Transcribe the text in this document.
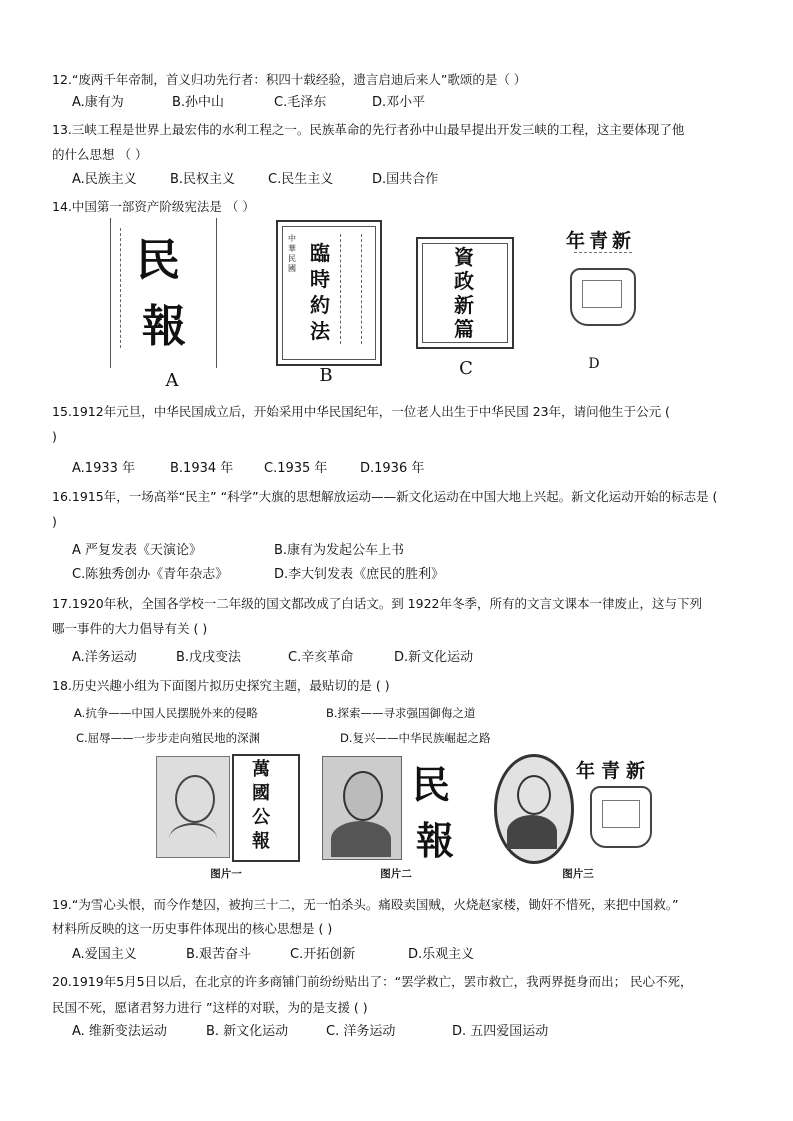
12.“废两千年帝制，首义归功先行者：积四十载经验，遗言启迪后来人”歌颂的是（ ）
A.康有为	B.孙中山	C.毛泽东	D.邓小平
13.三峡工程是世界上最宏伟的水利工程之一。民族革命的先行者孙中山最早提出开发三峡的工程，这主要体现了他
的什么思想 （ ）
A.民族主义	B.民权主义	C.民生主义	D.国共合作
14.中国第一部资产阶级宪法是 （ ）
民
報
A
中華民國
臨
時
約
法
B
資
政
新
篇
C
年青新
D
15.1912年元旦，中华民国成立后，开始采用中华民国纪年，一位老人出生于中华民国 23年，请问他生于公元 (
)
A.1933 年	B.1934 年 C.1935 年	D.1936 年
16.1915年，一场高举“民主” “科学”大旗的思想解放运动——新文化运动在中国大地上兴起。新文化运动开始的标志是 (
)
A 严复发表《天演论》	B.康有为发起公车上书
C.陈独秀创办《青年杂志》	D.李大钊发表《庶民的胜利》
17.1920年秋，全国各学校一二年级的国文都改成了白话文。到 1922年冬季，所有的文言文课本一律废止，这与下列
哪一事件的大力倡导有关 ( )
A.洋务运动	B.戊戌变法	C.辛亥革命	D.新文化运动
18.历史兴趣小组为下面图片拟历史探究主题，最贴切的是 ( )
A.抗争——中国人民摆脱外来的侵略	B.探索——寻求强国御侮之道
C.屈辱——一步步走向殖民地的深渊	D.复兴——中华民族崛起之路
萬
國
公
報
图片一
民
報
图片二
年青新
图片三
19.“为雪心头恨，而今作楚囚，被拘三十二，无一怕杀头。痛殴卖国贼，火烧赵家楼，锄奸不惜死，来把中国救。”
材料所反映的这一历史事件体现出的核心思想是 ( )
A.爱国主义	B.艰苦奋斗	C.开拓创新	D.乐观主义
20.1919年5月5日以后，在北京的许多商铺门前纷纷贴出了：“罢学救亡，罢市救亡，我两界挺身而出； 民心不死，
民国不死，愿诸君努力进行 ”这样的对联，为的是支援 ( )
A. 维新变法运动	B. 新文化运动	C. 洋务运动	D. 五四爱国运动
